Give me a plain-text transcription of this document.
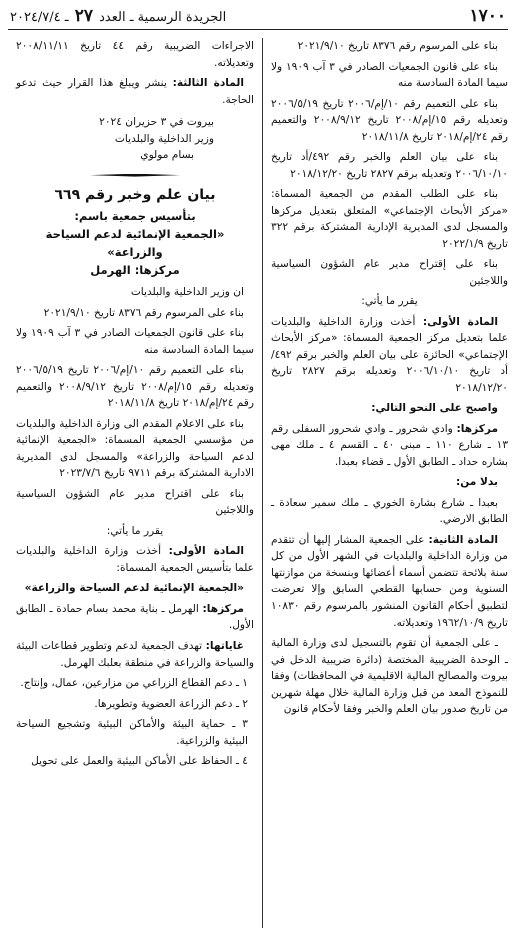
١٧٠٠
الجريدة الرسمية ـ العدد ٢٧ ـ ٢٠٢٤/٧/٤

بناء على المرسوم رقم ٨٣٧٦ تاريخ ٢٠٢١/٩/١٠

بناء على قانون الجمعيات الصادر في ٣ آب ١٩٠٩ ولا سيما المادة السادسة منه

بناء على التعميم رقم ١٠/إم/٢٠٠٦ تاريخ ٢٠٠٦/٥/١٩ وتعديله رقم ١٥/إم/٢٠٠٨ تاريخ ٢٠٠٨/٩/١٢ والتعميم رقم ٢٤/إم/٢٠١٨ تاريخ ٢٠١٨/١١/٨

بناء على بيان العلم والخبر رقم ٤٩٢/أد تاريخ ٢٠٠٦/١٠/١٠ وتعديله برقم ٢٨٢٧ تاريخ ٢٠١٨/١٢/٢٠

بناء على الطلب المقدم من الجمعية المسماة: «مركز الأبحاث الإجتماعي» المتعلق بتعديل مركزها والمسجل لدى المديرية الإدارية المشتركة برقم ٣٢٢ تاريخ ٢٠٢٢/١/٩

بناء على إقتراح مدير عام الشؤون السياسية واللاجئين

يقرر ما يأتي:

المادة الأولى: أخذت وزارة الداخلية والبلديات علما بتعديل مركز الجمعية المسماة: «مركز الأبحاث الإجتماعي» الحائزة على بيان العلم والخبر برقم ٤٩٢/أد تاريخ ٢٠٠٦/١٠/١٠ وتعديله برقم ٢٨٢٧ تاريخ ٢٠١٨/١٢/٢٠

واصبح على النحو التالي:

مركزها: وادي شحرور ـ وادي شحرور السفلى رقم ١٣ ـ شارع ١١٠ ـ مبنى ٤٠ ـ القسم ٤ ـ ملك مهى بشاره حداد ـ الطابق الأول ـ قضاء بعبدا.

بدلا من:

بعبدا ـ شارع بشارة الخوري ـ ملك سمير سعادة ـ الطابق الارضي.

المادة الثانية: على الجمعية المشار إليها أن تتقدم من وزارة الداخلية والبلديات في الشهر الأول من كل سنة بلائحة تتضمن أسماء أعضائها وبنسخة من موازنتها السنوية ومن حسابها القطعي السابق وإلا تعرضت لتطبيق أحكام القانون المنشور بالمرسوم رقم ١٠٨٣٠ تاريخ ١٩٦٢/١٠/٩ وتعديلاته.

ـ على الجمعية أن تقوم بالتسجيل لدى وزارة المالية ـ الوحدة الضريبية المختصة (دائرة ضريبية الدخل في بيروت والمصالح المالية الاقليمية في المحافظات) وفقا للنموذج المعد من قبل وزارة المالية خلال مهلة شهرين من تاريخ صدور بيان العلم والخبر وفقا لأحكام قانون

الاجراءات الضريبية رقم ٤٤ تاريخ ٢٠٠٨/١١/١١ وتعديلاته.

المادة الثالثة: ينشر ويبلغ هذا القرار حيث تدعو الحاجة.

بيروت في ٣ حزيران ٢٠٢٤

وزير الداخلية والبلديات

بسام مولوي

بيان علم وخبر رقم ٦٦٩

بتأسيس جمعية باسم:

«الجمعية الإنمائية لدعم السياحة والزراعة»

مركزها: الهرمل

ان وزير الداخلية والبلديات

بناء على المرسوم رقم ٨٣٧٦ تاريخ ٢٠٢١/٩/١٠

بناء على قانون الجمعيات الصادر في ٣ آب ١٩٠٩ ولا سيما المادة السادسة منه

بناء على التعميم رقم ١٠/إم/٢٠٠٦ تاريخ ٢٠٠٦/٥/١٩ وتعديله رقم ١٥/إم/٢٠٠٨ تاريخ ٢٠٠٨/٩/١٢ والتعميم رقم ٢٤/إم/٢٠١٨ تاريخ ٢٠١٨/١١/٨

بناء على الاعلام المقدم الى وزارة الداخلية والبلديات من مؤسسي الجمعية المسماة: «الجمعية الإنمائية لدعم السياحة والزراعة» والمسجل لدى المديرية الادارية المشتركة برقم ٩٧١١ تاريخ ٢٠٢٣/٧/٦

بناء على اقتراح مدير عام الشؤون السياسية واللاجئين

يقرر ما يأتي:

المادة الأولى: أخذت وزارة الداخلية والبلديات علما بتأسيس الجمعية المسماة:

«الجمعية الإنمائية لدعم السياحة والزراعة»

مركزها: الهرمل ـ بناية محمد بسام حمادة ـ الطابق الأول.

غاياتها: تهدف الجمعية لدعم وتطوير قطاعات البيئة والسياحة والزراعة في منطقة بعلبك الهرمل.

١ ـ دعم القطاع الزراعي من مزارعين، عمال، وإنتاج.

٢ ـ دعم الزراعة العضوية وتطويرها.

٣ ـ حماية البيئة والأماكن البيئية وتشجيع السياحة البيئية والزراعية.

٤ ـ الحفاظ على الأماكن البيئية والعمل على تحويل
